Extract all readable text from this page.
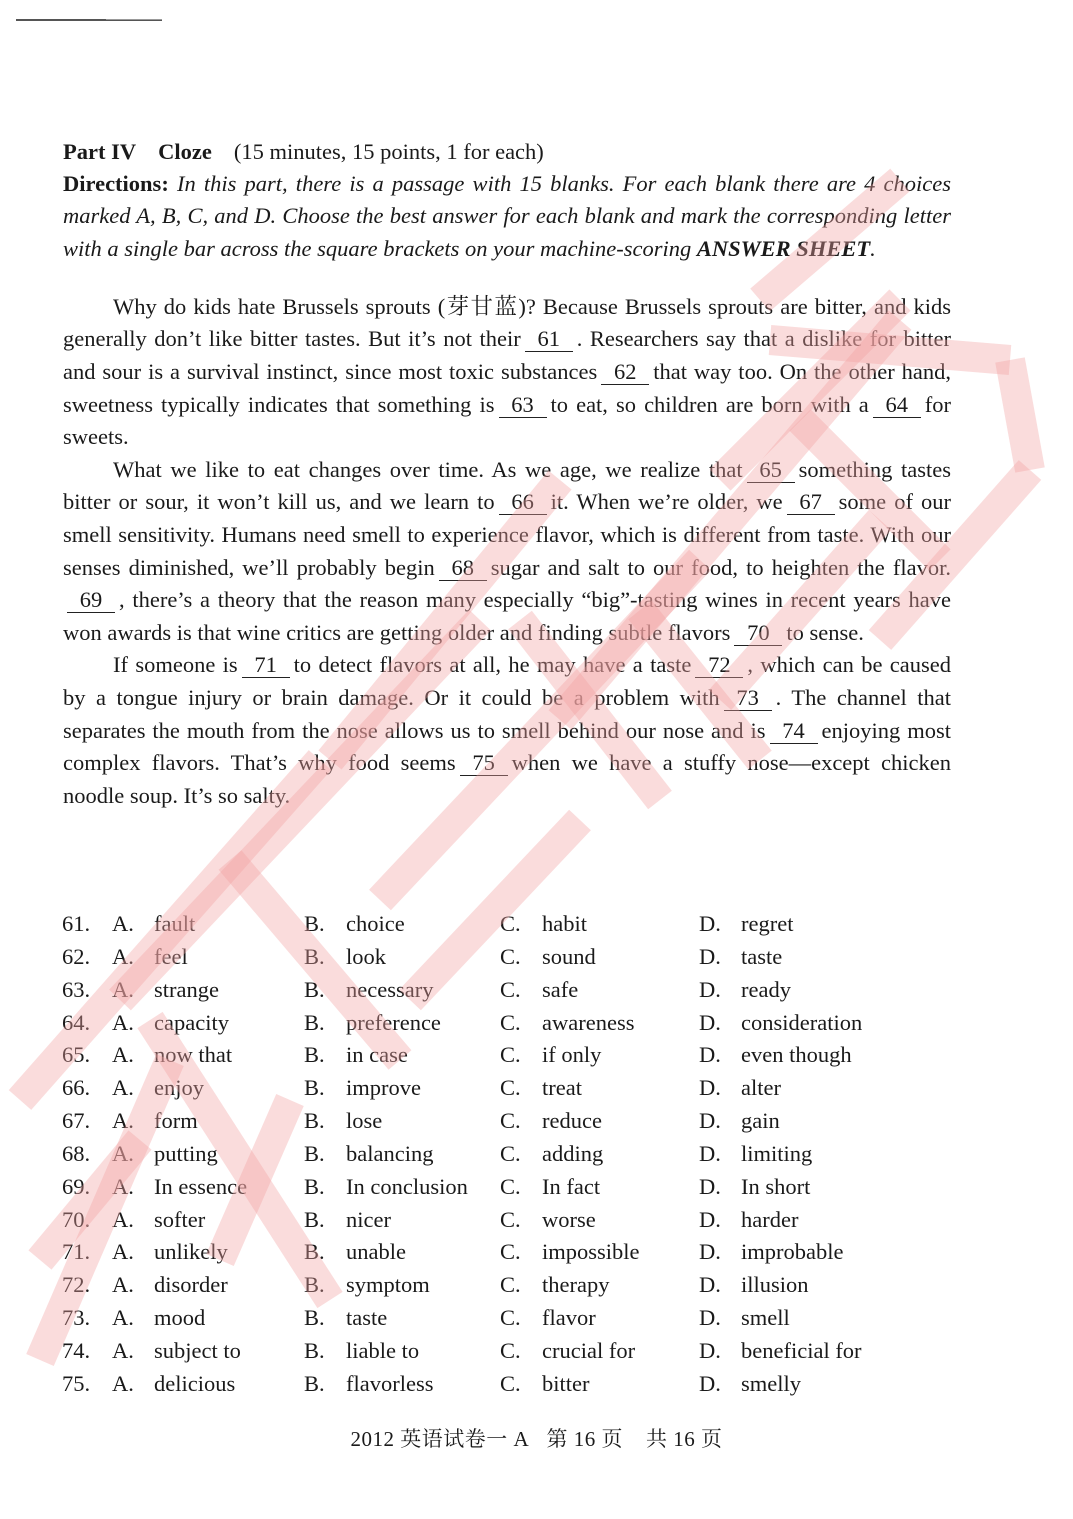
Part IV Cloze (15 minutes, 15 points, 1 for each)
Directions: In this part, there is a passage with 15 blanks. For each blank there are 4 choices marked A, B, C, and D. Choose the best answer for each blank and mark the corresponding letter with a single bar across the square brackets on your machine-scoring ANSWER SHEET.

Why do kids hate Brussels sprouts (芽甘蓝)? Because Brussels sprouts are bitter, and kids generally don’t like bitter tastes. But it’s not their 61 . Researchers say that a dislike for bitter and sour is a survival instinct, since most toxic substances 62 that way too. On the other hand, sweetness typically indicates that something is 63 to eat, so children are born with a 64 for sweets.

What we like to eat changes over time. As we age, we realize that 65 something tastes bitter or sour, it won’t kill us, and we learn to 66 it. When we’re older, we 67 some of our smell sensitivity. Humans need smell to experience flavor, which is different from taste. With our senses diminished, we’ll probably begin 68 sugar and salt to our food, to heighten the flavor.69 , there’s a theory that the reason many especially “big”-tasting wines in recent years have won awards is that wine critics are getting older and finding subtle flavors 70 to sense.

If someone is 71 to detect flavors at all, he may have a taste 72 , which can be caused by a tongue injury or brain damage. Or it could be a problem with 73 . The channel that separates the mouth from the nose allows us to smell behind our nose and is 74 enjoying most complex flavors. That’s why food seems 75 when we have a stuffy nose—except chicken noodle soup. It’s so salty.

61. A. fault	B. choice	C. habit	D. regret
62. A. feel	B. look	C. sound	D. taste
63. A. strange	B. necessary	C. safe	D. ready
64. A. capacity	B. preference	C. awareness	D. consideration
65. A. now that	B. in case	C. if only	D. even though
66. A. enjoy	B. improve	C. treat	D. alter
67. A. form	B. lose	C. reduce	D. gain
68. A. putting	B. balancing	C. adding	D. limiting
69. A. In essence	B. In conclusion C. In fact	D. In short
70. A. softer	B. nicer	C. worse	D. harder
71. A. unlikely	B. unable	C. impossible	D. improbable
72. A. disorder	B. symptom	C. therapy	D. illusion
73. A. mood	B. taste	C. flavor	D. smell
74. A. subject to	B. liable to	C. crucial for	D. beneficial for
75. A. delicious	B. flavorless	C. bitter	D. smelly
2012 英语试卷一 A 第 16 页 共 16 页
